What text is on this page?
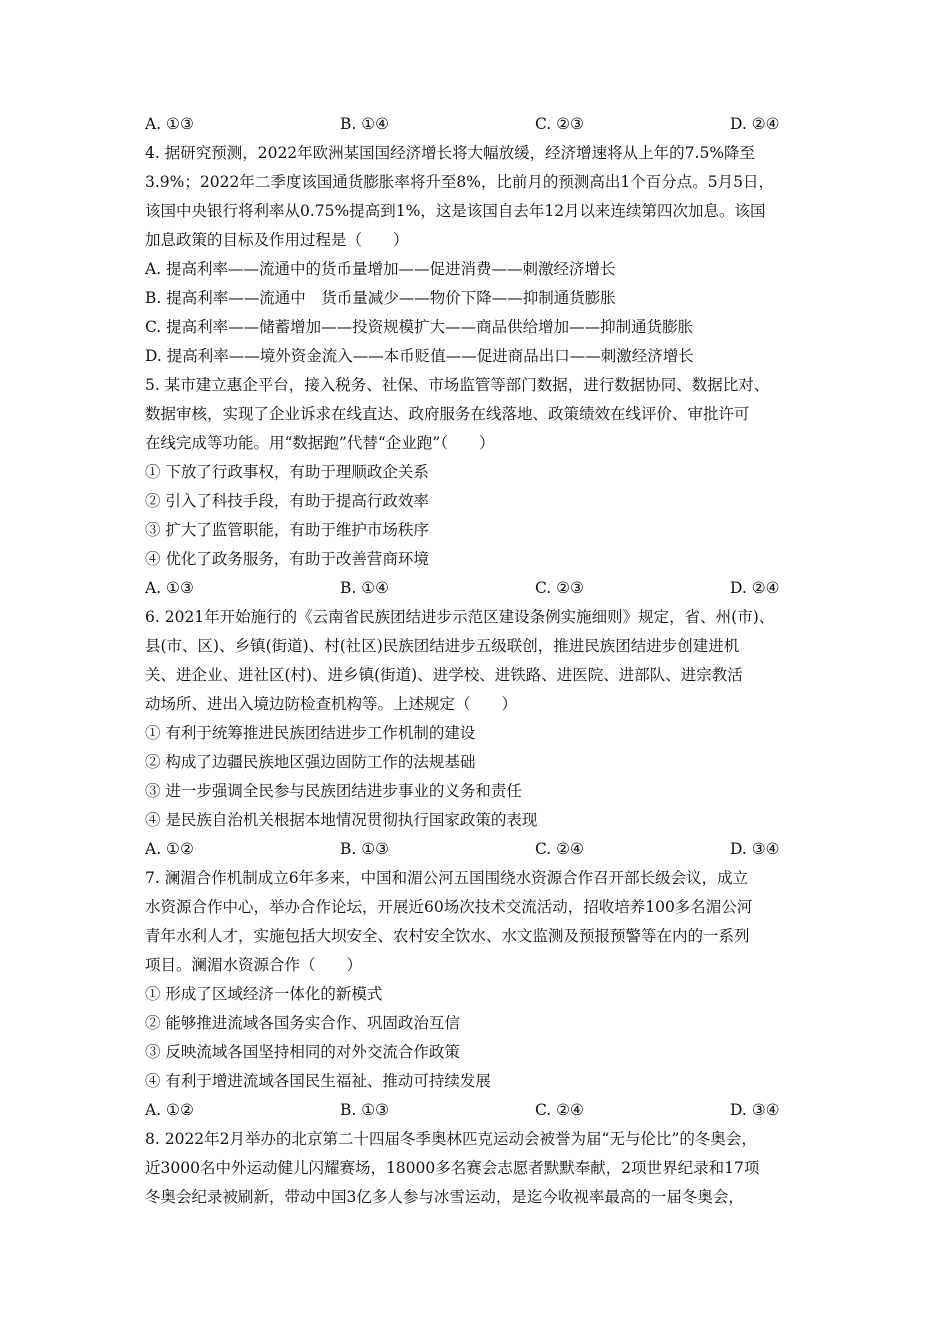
A. ①③	B. ①④	C. ②③	D. ②④
4. 据研究预测，2022年欧洲某国国经济增长将大幅放缓，经济增速将从上年的7.5%降至
3.9%；2022年二季度该国通货膨胀率将升至8%，比前月的预测高出1个百分点。5月5日，
该国中央银行将利率从0.75%提高到1%，这是该国自去年12月以来连续第四次加息。该国
加息政策的目标及作用过程是（　　）
A. 提高利率——流通中的货币量增加——促进消费——刺激经济增长
B. 提高利率——流通中　货币量减少——物价下降——抑制通货膨胀
C. 提高利率——储蓄增加——投资规模扩大——商品供给增加——抑制通货膨胀
D. 提高利率——境外资金流入——本币贬值——促进商品出口——刺激经济增长
5. 某市建立惠企平台，接入税务、社保、市场监管等部门数据，进行数据协同、数据比对、
数据审核，实现了企业诉求在线直达、政府服务在线落地、政策绩效在线评价、审批许可
在线完成等功能。用“数据跑”代替“企业跑”（　　）
① 下放了行政事权，有助于理顺政企关系
② 引入了科技手段，有助于提高行政效率
③ 扩大了监管职能，有助于维护市场秩序
④ 优化了政务服务，有助于改善营商环境
A. ①③	B. ①④	C. ②③	D. ②④
6. 2021年开始施行的《云南省民族团结进步示范区建设条例实施细则》规定，省、州(市)、
县(市、区)、乡镇(街道)、村(社区)民族团结进步五级联创，推进民族团结进步创建进机
关、进企业、进社区(村)、进乡镇(街道)、进学校、进铁路、进医院、进部队、进宗教活
动场所、进出入境边防检查机构等。上述规定（　　）
① 有利于统筹推进民族团结进步工作机制的建设
② 构成了边疆民族地区强边固防工作的法规基础
③ 进一步强调全民参与民族团结进步事业的义务和责任
④ 是民族自治机关根据本地情况贯彻执行国家政策的表现
A. ①②	B. ①③	C. ②④	D. ③④
7. 澜湄合作机制成立6年多来，中国和湄公河五国围绕水资源合作召开部长级会议，成立
水资源合作中心，举办合作论坛，开展近60场次技术交流活动，招收培养100多名湄公河
青年水利人才，实施包括大坝安全、农村安全饮水、水文监测及预报预警等在内的一系列
项目。澜湄水资源合作（　　）
① 形成了区域经济一体化的新模式
② 能够推进流域各国务实合作、巩固政治互信
③ 反映流域各国坚持相同的对外交流合作政策
④ 有利于增进流域各国民生福祉、推动可持续发展
A. ①②	B. ①③	C. ②④	D. ③④
8. 2022年2月举办的北京第二十四届冬季奥林匹克运动会被誉为届“无与伦比”的冬奥会，
近3000名中外运动健儿闪耀赛场，18000多名赛会志愿者默默奉献，2项世界纪录和17项
冬奥会纪录被刷新，带动中国3亿多人参与冰雪运动，是迄今收视率最高的一届冬奥会，
